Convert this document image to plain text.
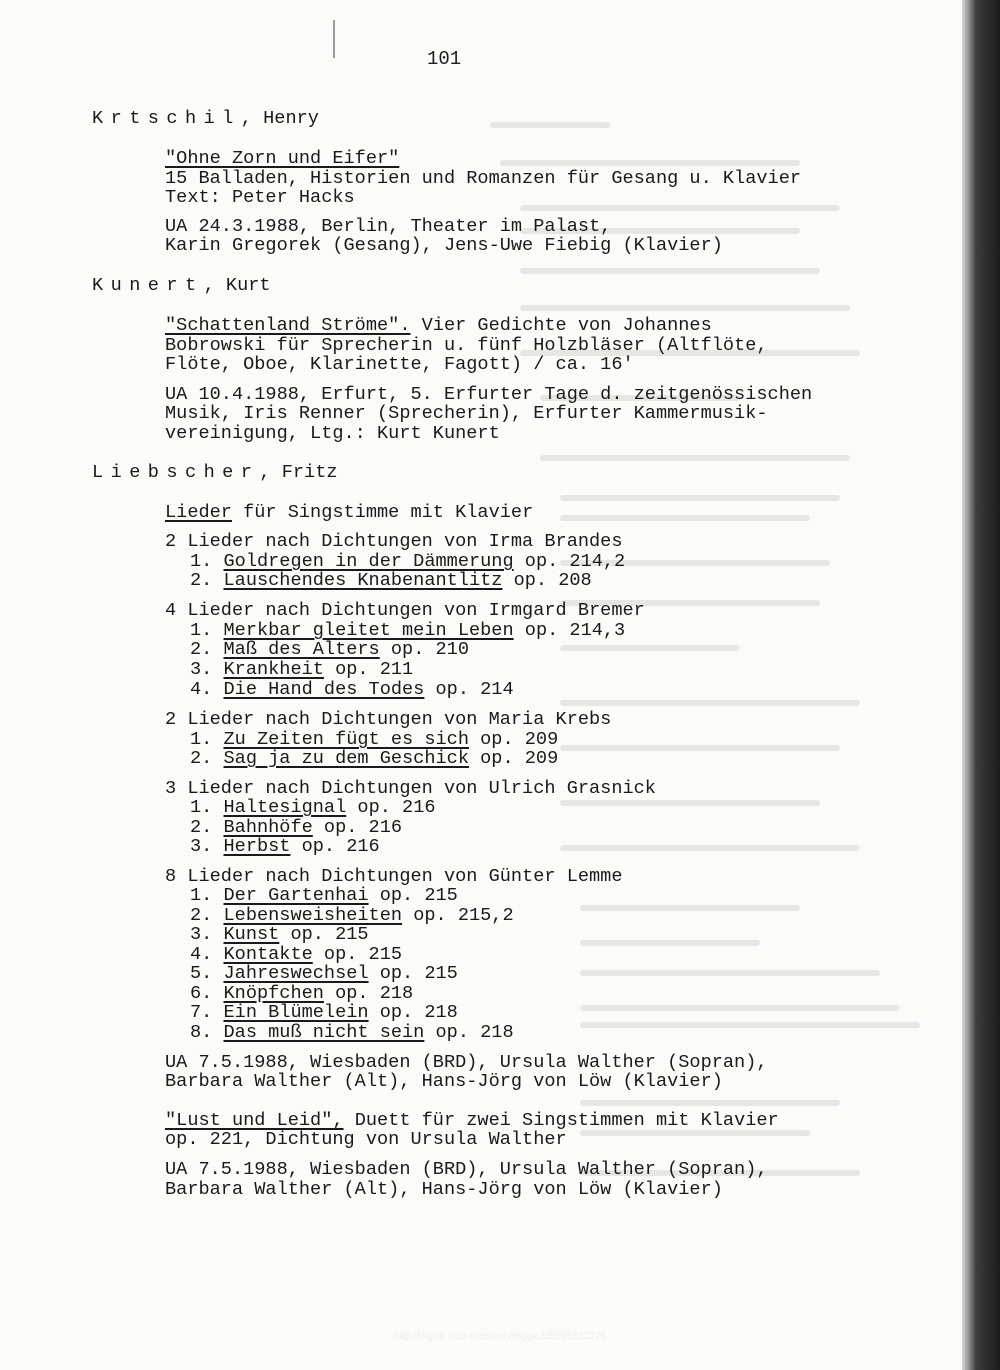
101
Krtschil, Henry
"Ohne Zorn und Eifer"
15 Balladen, Historien und Romanzen für Gesang u. Klavier
Text: Peter Hacks
UA 24.3.1988, Berlin, Theater im Palast,
Karin Gregorek (Gesang), Jens-Uwe Fiebig (Klavier)
Kunert, Kurt
"Schattenland Ströme". Vier Gedichte von Johannes
Bobrowski für Sprecherin u. fünf Holzbläser (Altflöte,
Flöte, Oboe, Klarinette, Fagott) / ca. 16'
UA 10.4.1988, Erfurt, 5. Erfurter Tage d. zeitgenössischen
Musik, Iris Renner (Sprecherin), Erfurter Kammermusik-
vereinigung, Ltg.: Kurt Kunert
Liebscher, Fritz
Lieder für Singstimme mit Klavier
2 Lieder nach Dichtungen von Irma Brandes
1. Goldregen in der Dämmerung op. 214,2
2. Lauschendes Knabenantlitz op. 208
4 Lieder nach Dichtungen von Irmgard Bremer
1. Merkbar gleitet mein Leben op. 214,3
2. Maß des Alters op. 210
3. Krankheit op. 211
4. Die Hand des Todes op. 214
2 Lieder nach Dichtungen von Maria Krebs
1. Zu Zeiten fügt es sich op. 209
2. Sag ja zu dem Geschick op. 209
3 Lieder nach Dichtungen von Ulrich Grasnick
1. Haltesignal op. 216
2. Bahnhöfe op. 216
3. Herbst op. 216
8 Lieder nach Dichtungen von Günter Lemme
1. Der Gartenhai op. 215
2. Lebensweisheiten op. 215,2
3. Kunst op. 215
4. Kontakte op. 215
5. Jahreswechsel op. 215
6. Knöpfchen op. 218
7. Ein Blümelein op. 218
8. Das muß nicht sein op. 218
UA 7.5.1988, Wiesbaden (BRD), Ursula Walther (Sopran),
Barbara Walther (Alt), Hans-Jörg von Löw (Klavier)
"Lust und Leid", Duett für zwei Singstimmen mit Klavier
op. 221, Dichtung von Ursula Walther
UA 7.5.1988, Wiesbaden (BRD), Ursula Walther (Sopran),
Barbara Walther (Alt), Hans-Jörg von Löw (Klavier)
http://digital.slub-dresden.de/ppn335991822176
